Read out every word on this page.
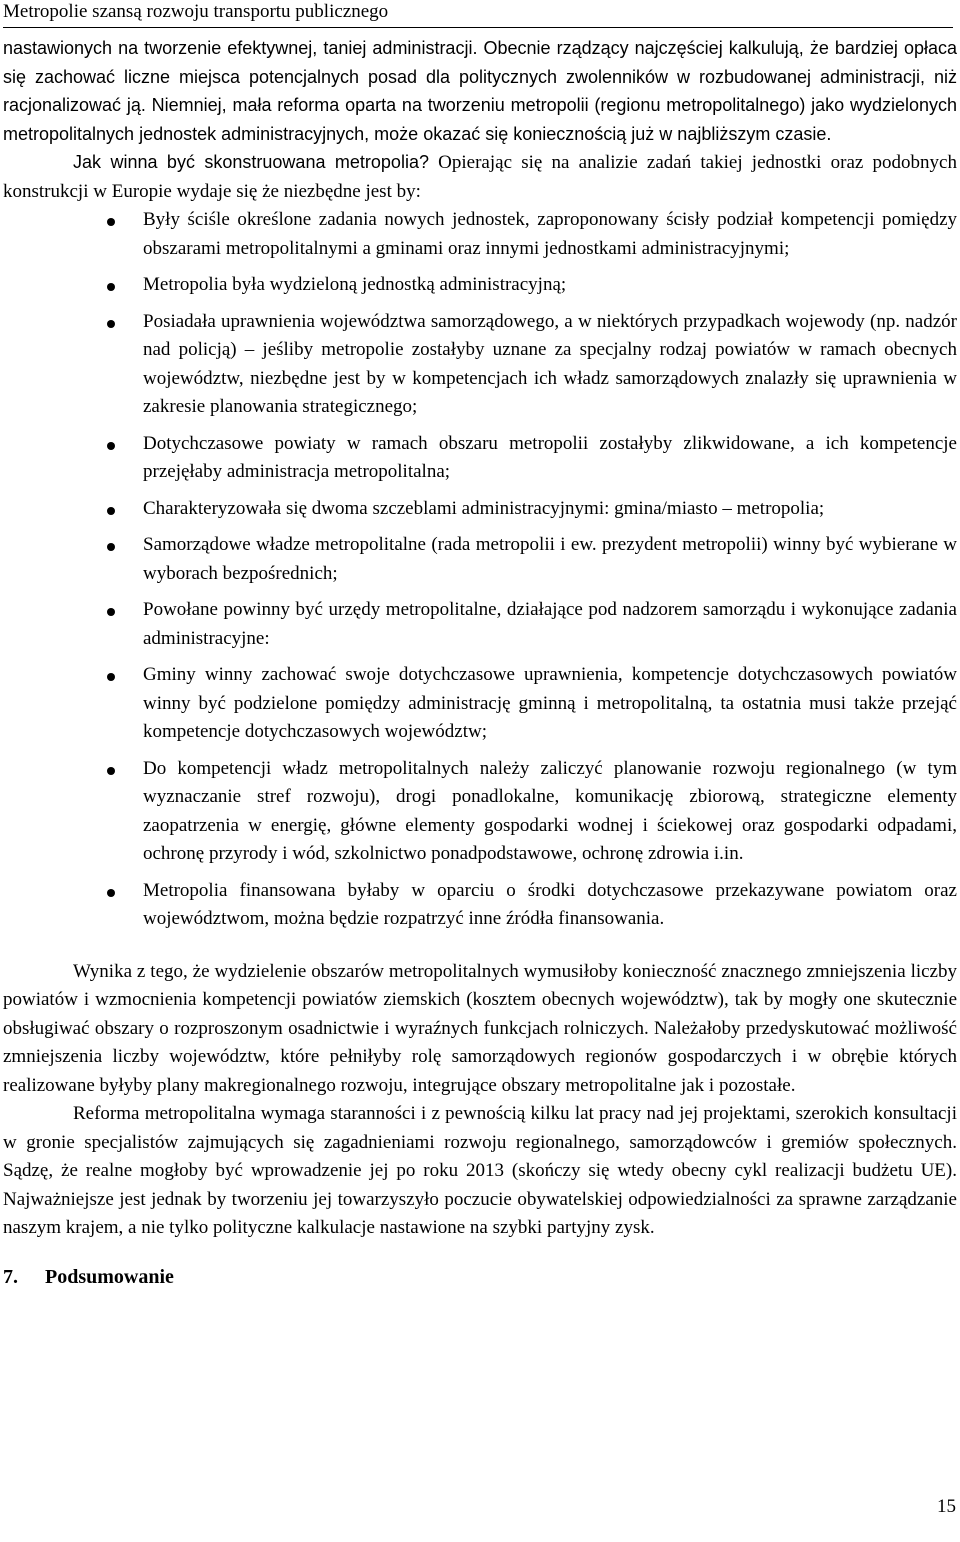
Metropolie szansą rozwoju transportu publicznego

nastawionych na tworzenie efektywnej, taniej administracji. Obecnie rządzący najczęściej kalkulują, że bardziej opłaca się zachować liczne miejsca potencjalnych posad dla politycznych zwolenników w rozbudowanej administracji, niż racjonalizować ją. Niemniej, mała reforma oparta na tworzeniu metropolii (regionu metropolitalnego) jako wydzielonych metropolitalnych jednostek administracyjnych, może okazać się koniecznością już w najbliższym czasie.

Jak winna być skonstruowana metropolia? Opierając się na analizie zadań takiej jednostki oraz podobnych konstrukcji w Europie wydaje się że niezbędne jest by:

Były ściśle określone zadania nowych jednostek, zaproponowany ścisły podział kompetencji pomiędzy obszarami metropolitalnymi a gminami oraz innymi jednostkami administracyjnymi;
Metropolia była wydzieloną jednostką administracyjną;
Posiadała uprawnienia województwa samorządowego, a w niektórych przypadkach wojewody (np. nadzór nad policją) – jeśliby metropolie zostałyby uznane za specjalny rodzaj powiatów w ramach obecnych województw, niezbędne jest by w kompetencjach ich władz samorządowych znalazły się uprawnienia w zakresie planowania strategicznego;
Dotychczasowe powiaty w ramach obszaru metropolii zostałyby zlikwidowane, a ich kompetencje przejęłaby administracja metropolitalna;
Charakteryzowała się dwoma szczeblami administracyjnymi: gmina/miasto – metropolia;
Samorządowe władze metropolitalne (rada metropolii i ew. prezydent metropolii) winny być wybierane w wyborach bezpośrednich;
Powołane powinny być urzędy metropolitalne, działające pod nadzorem samorządu i wykonujące zadania administracyjne:
Gminy winny zachować swoje dotychczasowe uprawnienia, kompetencje dotychczasowych powiatów winny być podzielone pomiędzy administrację gminną i metropolitalną, ta ostatnia musi także przejąć kompetencje dotychczasowych województw;
Do kompetencji władz metropolitalnych należy zaliczyć planowanie rozwoju regionalnego (w tym wyznaczanie stref rozwoju), drogi ponadlokalne, komunikację zbiorową, strategiczne elementy zaopatrzenia w energię, główne elementy gospodarki wodnej i ściekowej oraz gospodarki odpadami, ochronę przyrody i wód, szkolnictwo ponadpodstawowe, ochronę zdrowia i.in.
Metropolia finansowana byłaby w oparciu o środki dotychczasowe przekazywane powiatom oraz województwom, można będzie rozpatrzyć inne źródła finansowania.

Wynika z tego, że wydzielenie obszarów metropolitalnych wymusiłoby konieczność znacznego zmniejszenia liczby powiatów i wzmocnienia kompetencji powiatów ziemskich (kosztem obecnych województw), tak by mogły one skutecznie obsługiwać obszary o rozproszonym osadnictwie i wyraźnych funkcjach rolniczych. Należałoby przedyskutować możliwość zmniejszenia liczby województw, które pełniłyby rolę samorządowych regionów gospodarczych i w obrębie których realizowane byłyby plany makregionalnego rozwoju, integrujące obszary metropolitalne jak i pozostałe.

Reforma metropolitalna wymaga staranności i z pewnością kilku lat pracy nad jej projektami, szerokich konsultacji w gronie specjalistów zajmujących się zagadnieniami rozwoju regionalnego, samorządowców i gremiów społecznych. Sądzę, że realne mogłoby być wprowadzenie jej po roku 2013 (skończy się wtedy obecny cykl realizacji budżetu UE). Najważniejsze jest jednak by tworzeniu jej towarzyszyło poczucie obywatelskiej odpowiedzialności za sprawne zarządzanie naszym krajem, a nie tylko polityczne kalkulacje nastawione na szybki partyjny zysk.

7. Podsumowanie

15
